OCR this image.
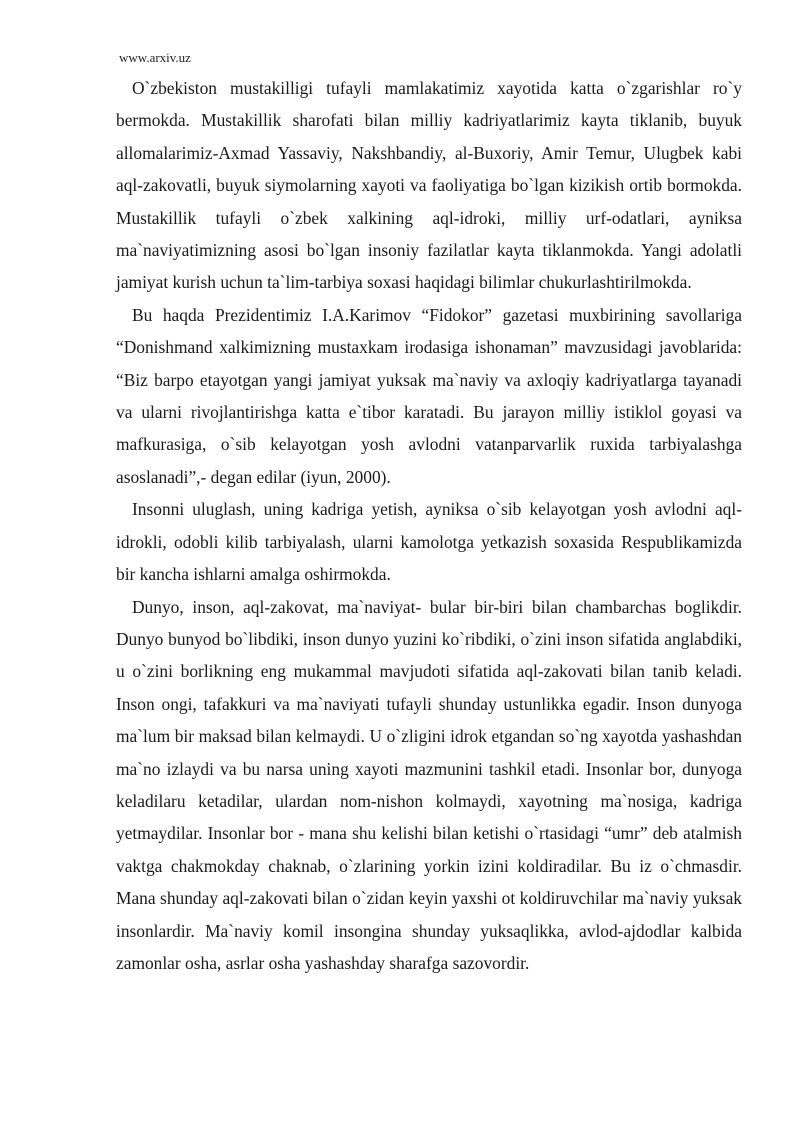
www.arxiv.uz

O`zbekiston mustakilligi tufayli mamlakatimiz xayotida katta o`zgarishlar ro`y bermokda. Mustakillik sharofati bilan milliy kadriyatlarimiz kayta tiklanib, buyuk allomalarimiz-Axmad Yassaviy, Nakshbandiy, al-Buxoriy, Amir Temur, Ulugbek kabi aql-zakovatli, buyuk siymolarning xayoti va faoliyatiga bo`lgan kizikish ortib bormokda. Mustakillik tufayli o`zbek xalkining aql-idroki, milliy urf-odatlari, ayniksa ma`naviyatimizning asosi bo`lgan insoniy fazilatlar kayta tiklanmokda. Yangi adolatli jamiyat kurish uchun ta`lim-tarbiya soxasi haqidagi bilimlar chukurlashtirilmokda.

Bu haqda Prezidentimiz I.A.Karimov “Fidokor” gazetasi muxbirining savollariga “Donishmand xalkimizning mustaxkam irodasiga ishonaman” mavzusidagi javoblarida: “Biz barpo etayotgan yangi jamiyat yuksak ma`naviy va axloqiy kadriyatlarga tayanadi va ularni rivojlantirishga katta e`tibor karatadi. Bu jarayon milliy istiklol goyasi va mafkurasiga, o`sib kelayotgan yosh avlodni vatanparvarlik ruxida tarbiyalashga asoslanadi”,- degan edilar (iyun, 2000).

Insonni uluglash, uning kadriga yetish, ayniksa o`sib kelayotgan yosh avlodni aql-idrokli, odobli kilib tarbiyalash, ularni kamolotga yetkazish soxasida Respublikamizda bir kancha ishlarni amalga oshirmokda.

Dunyo, inson, aql-zakovat, ma`naviyat- bular bir-biri bilan chambarchas boglikdir. Dunyo bunyod bo`libdiki, inson dunyo yuzini ko`ribdiki, o`zini inson sifatida anglabdiki, u o`zini borlikning eng mukammal mavjudoti sifatida aql-zakovati bilan tanib keladi. Inson ongi, tafakkuri va ma`naviyati tufayli shunday ustunlikka egadir. Inson dunyoga ma`lum bir maksad bilan kelmaydi. U o`zligini idrok etgandan so`ng xayotda yashashdan ma`no izlaydi va bu narsa uning xayoti mazmunini tashkil etadi. Insonlar bor, dunyoga keladilaru ketadilar, ulardan nom-nishon kolmaydi, xayotning ma`nosiga, kadriga yetmaydilar. Insonlar bor - mana shu kelishi bilan ketishi o`rtasidagi “umr” deb atalmish vaktga chakmokday chaknab, o`zlarining yorkin izini koldiradilar. Bu iz o`chmasdir. Mana shunday aql-zakovati bilan o`zidan keyin yaxshi ot koldiruvchilar ma`naviy yuksak insonlardir. Ma`naviy komil insongina shunday yuksaqlikka, avlod-ajdodlar kalbida zamonlar osha, asrlar osha yashashday sharafga sazovordir.
